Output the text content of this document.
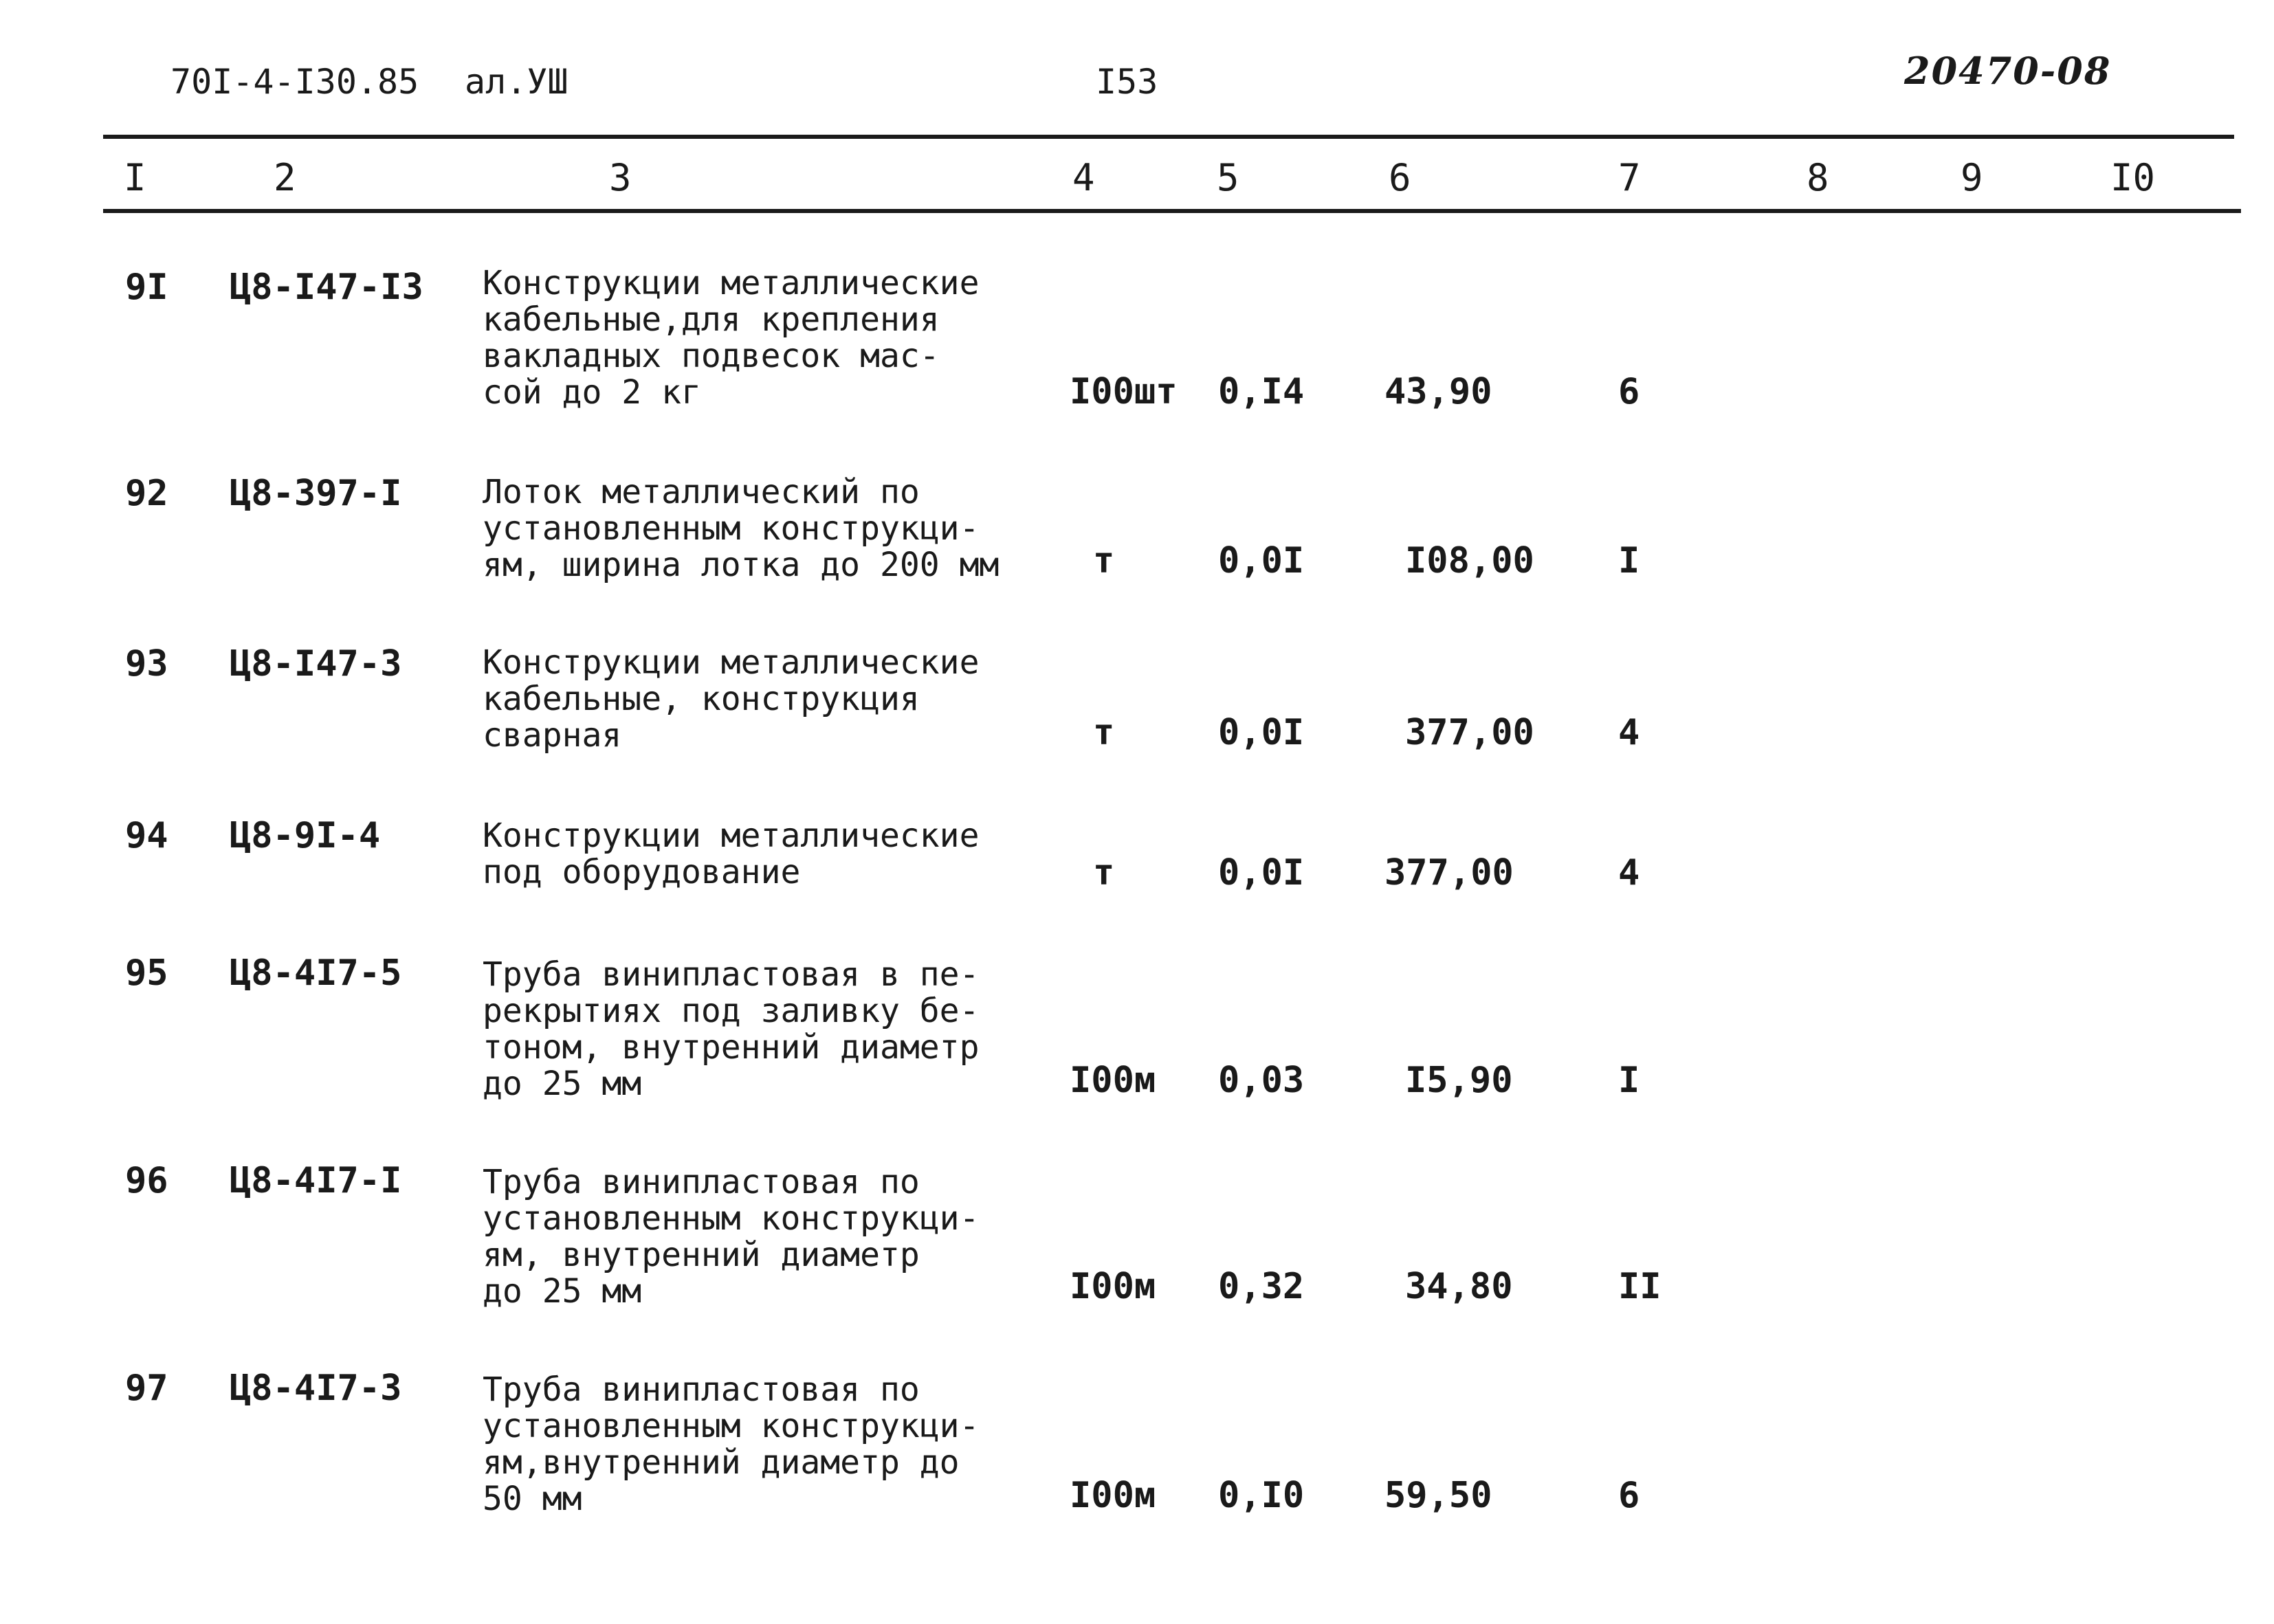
70I-4-I30.85 ал.УШ	I53	20470-08
I	2	3	4	5	6	7	8	9	I0
9I Ц8-I47-I3 Конструкции металлические
кабельные,для крепления
вакладных подвесок мас-
сой до 2 кг	I00шт 0,I4 43,90	6
92 Ц8-397-I Лоток металлический по
установленным конструкци-
ям, ширина лотка до 200 мм	т	0,0I	I08,00 I
93 Ц8-I47-3 Конструкции металлические
кабельные, конструкция
сварная	т	0,0I	377,00 4
94 Ц8-9I-4	Конструкции металлические
под оборудование	т	0,0I 377,00	4
95 Ц8-4I7-5 Труба винипластовая в пе-
рекрытиях под заливку бе-
тоном, внутренний диаметр
до 25 мм	I00м 0,03	I5,90	I
96 Ц8-4I7-I Труба винипластовая по
установленным конструкци-
ям, внутренний диаметр
до 25 мм	I00м 0,32	34,80	II
97 Ц8-4I7-3 Труба винипластовая по
установленным конструкци-
ям,внутренний диаметр до
50 мм	I00м 0,I0 59,50	6
